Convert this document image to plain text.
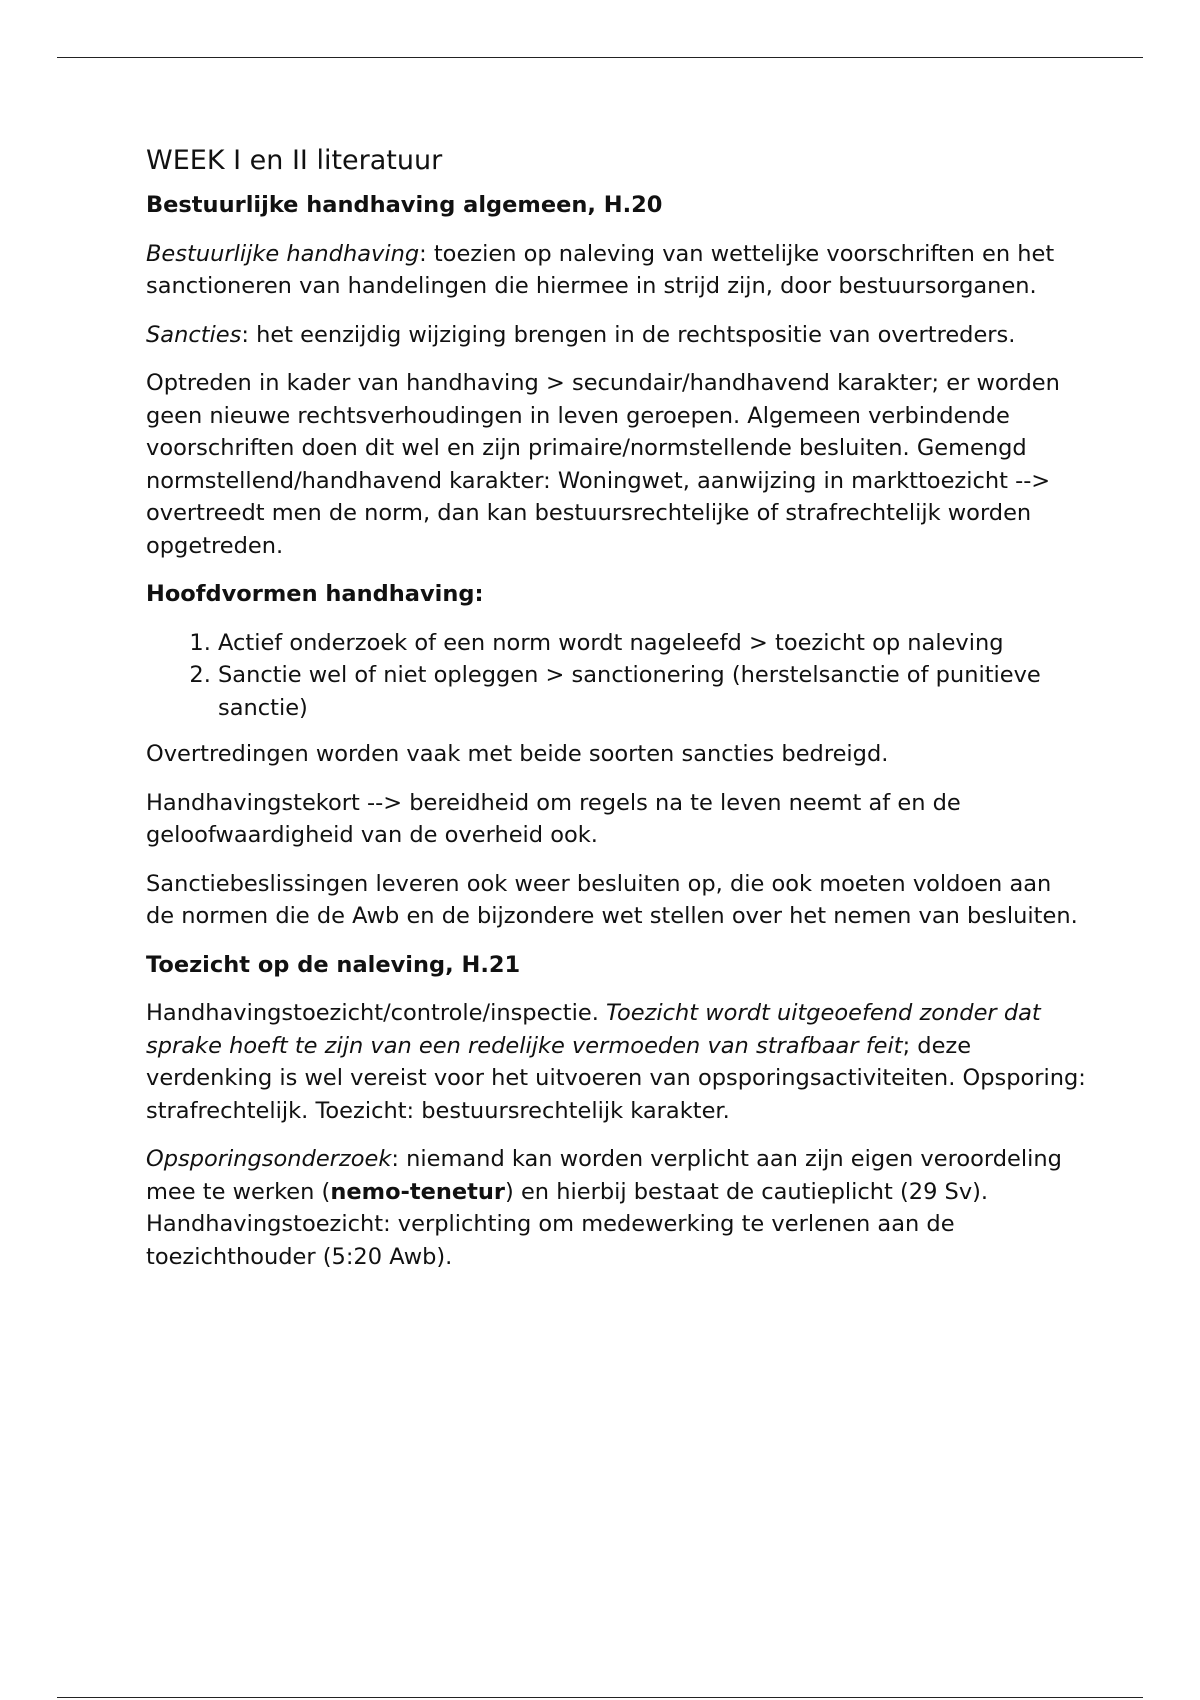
WEEK I en II literatuur
Bestuurlijke handhaving algemeen, H.20

Bestuurlijke handhaving: toezien op naleving van wettelijke voorschriften en het sanctioneren van handelingen die hiermee in strijd zijn, door bestuursorganen.

Sancties: het eenzijdig wijziging brengen in de rechtspositie van overtreders.

Optreden in kader van handhaving > secundair/handhavend karakter; er worden geen nieuwe rechtsverhoudingen in leven geroepen. Algemeen verbindende voorschriften doen dit wel en zijn primaire/normstellende besluiten. Gemengd normstellend/handhavend karakter: Woningwet, aanwijzing in markttoezicht --> overtreedt men de norm, dan kan bestuursrechtelijke of strafrechtelijk worden opgetreden.

Hoofdvormen handhaving:
1. Actief onderzoek of een norm wordt nageleefd > toezicht op naleving
2. Sanctie wel of niet opleggen > sanctionering (herstelsanctie of punitieve sanctie)

Overtredingen worden vaak met beide soorten sancties bedreigd.

Handhavingstekort --> bereidheid om regels na te leven neemt af en de geloofwaardigheid van de overheid ook.

Sanctiebeslissingen leveren ook weer besluiten op, die ook moeten voldoen aan de normen die de Awb en de bijzondere wet stellen over het nemen van besluiten.

Toezicht op de naleving, H.21

Handhavingstoezicht/controle/inspectie. Toezicht wordt uitgeoefend zonder dat sprake hoeft te zijn van een redelijke vermoeden van strafbaar feit; deze verdenking is wel vereist voor het uitvoeren van opsporingsactiviteiten. Opsporing: strafrechtelijk. Toezicht: bestuursrechtelijk karakter.

Opsporingsonderzoek: niemand kan worden verplicht aan zijn eigen veroordeling mee te werken (nemo-tenetur) en hierbij bestaat de cautieplicht (29 Sv). Handhavingstoezicht: verplichting om medewerking te verlenen aan de toezichthouder (5:20 Awb).
